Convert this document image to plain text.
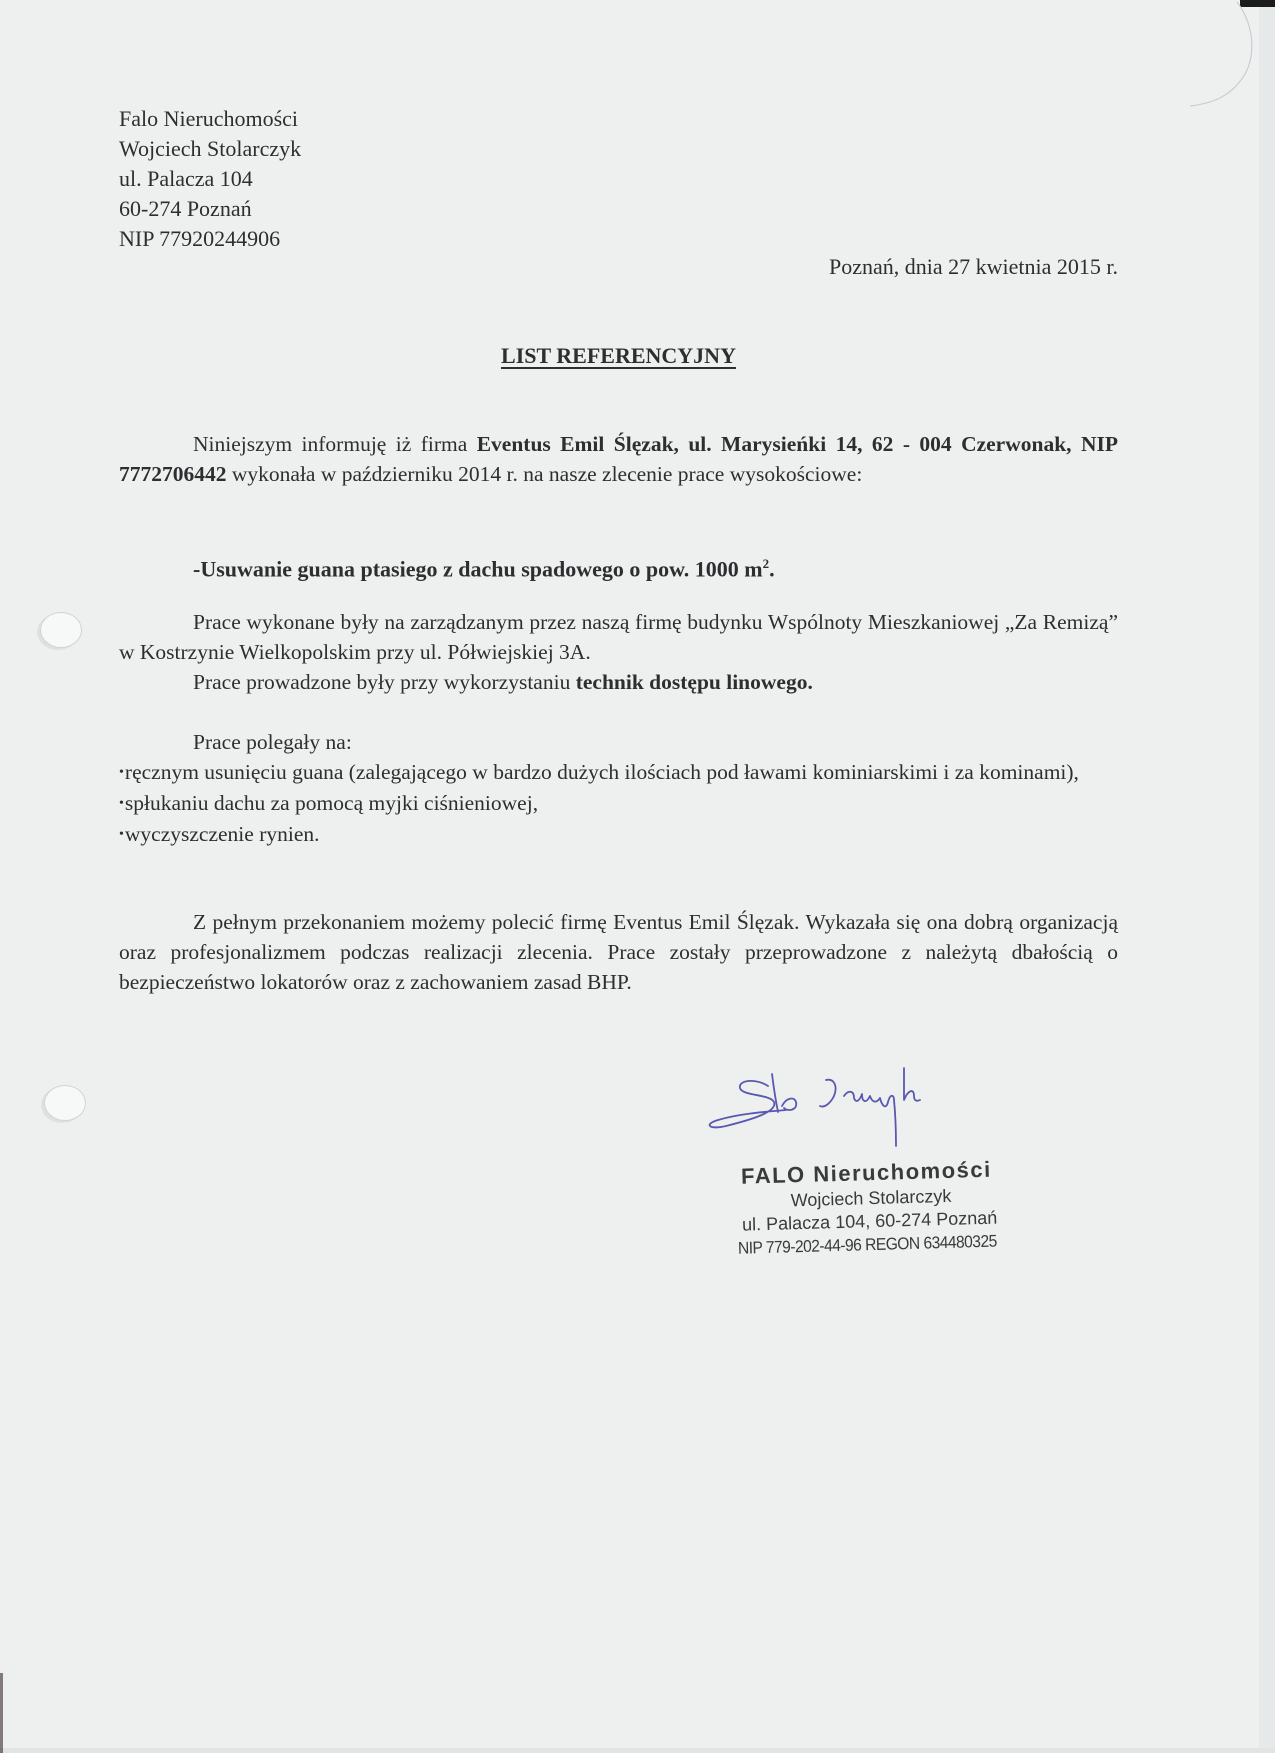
Falo Nieruchomości
Wojciech Stolarczyk
ul. Palacza 104
60-274 Poznań
NIP 77920244906
Poznań, dnia 27 kwietnia 2015 r.
LIST REFERENCYJNY
Niniejszym informuję iż firma Eventus Emil Ślęzak, ul. Marysieńki 14, 62 - 004 Czerwonak, NIP 7772706442 wykonała w październiku 2014 r. na nasze zlecenie prace wysokościowe:
-Usuwanie guana ptasiego z dachu spadowego o pow. 1000 $m^2$.
Prace wykonane były na zarządzanym przez naszą firmę budynku Wspólnoty Mieszkaniowej „Za Remizą” w Kostrzynie Wielkopolskim przy ul. Półwiejskiej 3A.
Prace prowadzone były przy wykorzystaniu technik dostępu linowego.
Prace polegały na:
•ręcznym usunięciu guana (zalegającego w bardzo dużych ilościach pod ławami kominiarskimi i za kominami),
•spłukaniu dachu za pomocą myjki ciśnieniowej,
•wyczyszczenie rynien.
Z pełnym przekonaniem możemy polecić firmę Eventus Emil Ślęzak. Wykazała się ona dobrą organizacją oraz profesjonalizmem podczas realizacji zlecenia. Prace zostały przeprowadzone z należytą dbałością o bezpieczeństwo lokatorów oraz z zachowaniem zasad BHP.
FALO Nieruchomości
Wojciech Stolarczyk
ul. Palacza 104, 60-274 Poznań
NIP 779-202-44-96 REGON 634480325
